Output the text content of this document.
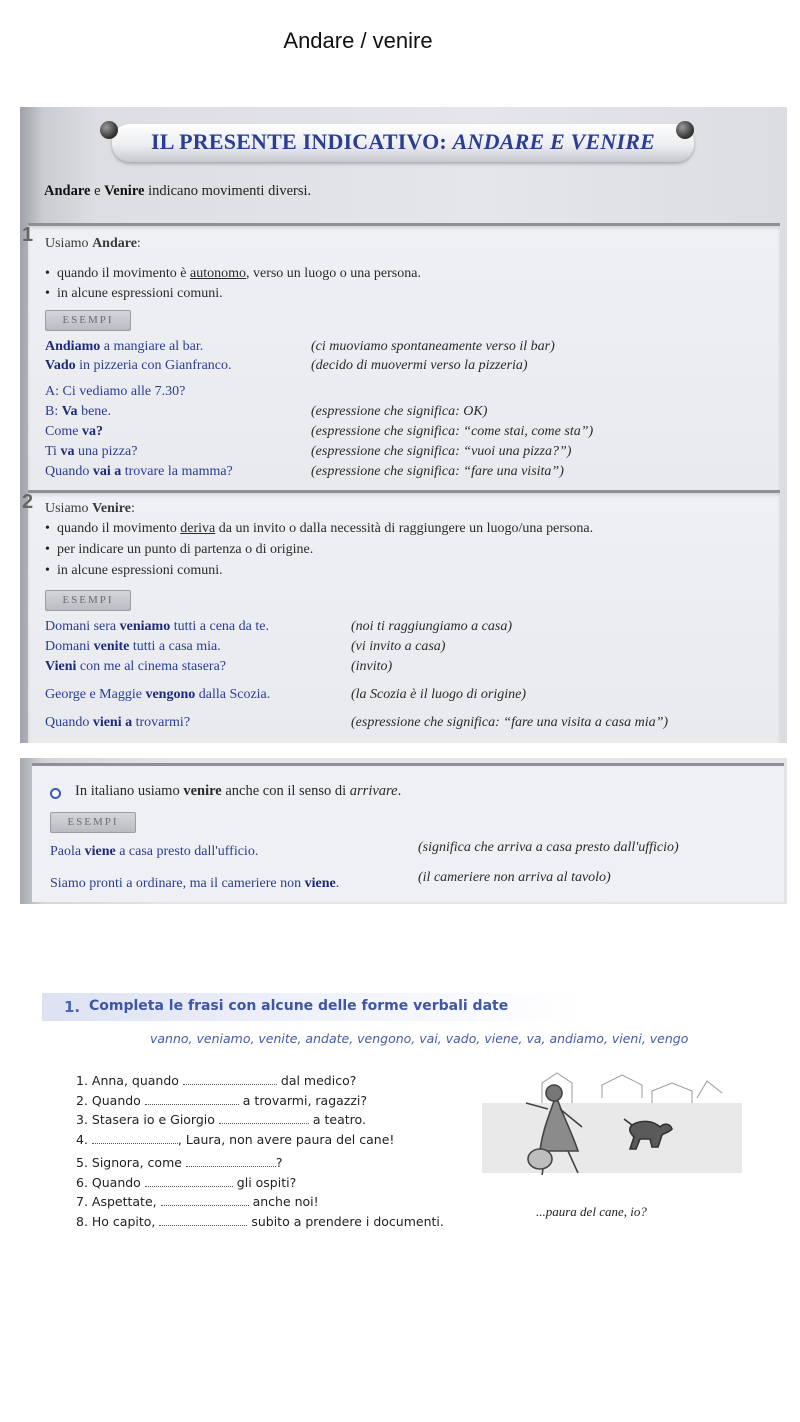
Andare / venire
IL PRESENTE INDICATIVO: ANDARE E VENIRE
Andare e Venire indicano movimenti diversi.
1 Usiamo Andare:
• quando il movimento è autonomo, verso un luogo o una persona.
• in alcune espressioni comuni.
ESEMPI
Andiamo a mangiare al bar.	(ci muoviamo spontaneamente verso il bar)
Vado in pizzeria con Gianfranco.	(decido di muovermi verso la pizzeria)
A: Ci vediamo alle 7.30?
B: Va bene.	(espressione che significa: OK)
Come va?	(espressione che significa: “come stai, come sta”)
Ti va una pizza?	(espressione che significa: “vuoi una pizza?”)
Quando vai a trovare la mamma?	(espressione che significa: “fare una visita”)
2 Usiamo Venire:
• quando il movimento deriva da un invito o dalla necessità di raggiungere un luogo/una persona.
• per indicare un punto di partenza o di origine.
• in alcune espressioni comuni.
ESEMPI
Domani sera veniamo tutti a cena da te.	(noi ti raggiungiamo a casa)
Domani venite tutti a casa mia.	(vi invito a casa)
Vieni con me al cinema stasera?	(invito)
George e Maggie vengono dalla Scozia.	(la Scozia è il luogo di origine)
Quando vieni a trovarmi?	(espressione che significa: “fare una visita a casa mia”)
In italiano usiamo venire anche con il senso di arrivare.
ESEMPI
Paola viene a casa presto dall'ufficio.	(significa che arriva a casa presto dall'ufficio)
Siamo pronti a ordinare, ma il cameriere non viene.	(il cameriere non arriva al tavolo)
1. Completa le frasi con alcune delle forme verbali date
vanno, veniamo, venite, andate, vengono, vai, vado, viene, va, andiamo, vieni, vengo
1. Anna, quando	dal medico?
2. Quando	a trovarmi, ragazzi?
3. Stasera io e Giorgio	a teatro.
4.	, Laura, non avere paura del cane!
5. Signora, come	?
6. Quando	gli ospiti?
7. Aspettate,	anche noi!
8. Ho capito,	subito a prendere i documenti.
...paura del cane, io?
